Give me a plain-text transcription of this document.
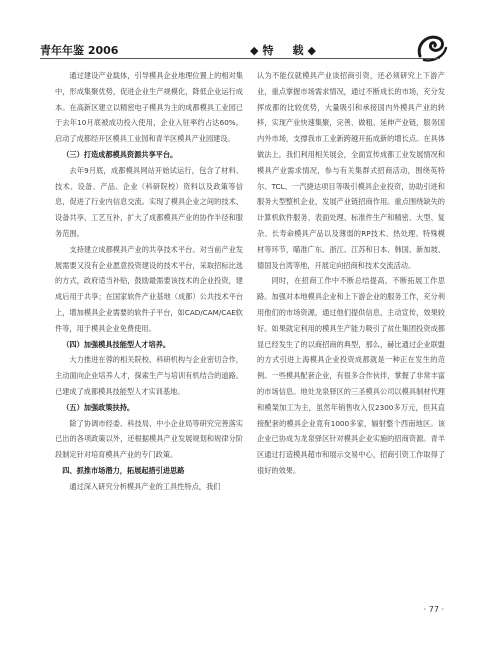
青年年鉴 2006	◆特　载◆

通过建设产业载体，引导模具企业地理位置上的相对集中，形成集聚优势，促进企业生产规模化，降低企业运行成本。在高新区建立以精密电子模具为主的成都模具工业园已于去年10月底被成功投入使用，企业入驻率约占达60%。启动了成都经开区模具工业园和青羊区模具产业园建设。

（三）打造成都模具资源共享平台。

去年9月底，成都模具网站开始试运行，包含了材料、技术、设备、产品、企业（科研院校）资料以及政策等信息，促进了行业内信息交流。实现了模具企业之间的技术、设备共享、工艺互补，扩大了成都模具产业的协作半径和服务范围。

支持建立成都模具产业的共享技术平台。对当前产业发展需要又没有企业愿意投资建设的技术平台，采取招标比选的方式，政府适当补贴，鼓励最需要该技术的企业投资，建成后用于共享；在国家软件产业基地（成都）公共技术平台上，增加模具企业需要的软件子平台，如CAD/CAM/CAE软件等，用于模具企业免费使用。

（四）加强模具技能型人才培养。

大力推进在蓉的相关院校、科研机构与企业密切合作，主动面向企业培养人才，探索生产与培训有机结合的道路。已建成了成都模具技能型人才实训基地。

（五）加强政策扶持。

除了协调市经委、科技局、中小企业局等研究完善落实已出的各项政策以外，还根据模具产业发展规划和规律分阶段制定针对培育模具产业的专门政策。

四、抓推市场潜力，拓展起措引进思路

通过深入研究分析模具产业的工具性特点，我们

认为不能仅就模具产业谈招商引资，还必须研究上下游产业，重点掌握市场需求情况，通过不断成长的市场，充分发挥成都的比较优势，大量吸引和承接国内外模具产业的转移，实现产业快速集聚，完善、做粗、延伸产业链，服务国内外市场，支撑我市工业新跨越开拓成新的增长点。在具体做法上，我们利用相关展会，全面宣传成都工业发展情况和模具产业需求情况，参与有关集群式招商活动，围绕英特尔、TCL、一汽捷达项目等吸引模具企业投资，协助引进和服务大型整机企业，发展产业链招商作用。重点围绕缺失的计算机软件服务、表面处理、标准件生产和精密、大型、复杂、长寿命模具产品以及薄弱的RP技术、热处理、特殊模材等环节，瞄准广东、浙江、江苏和日本、韩国、新加坡、德国及台湾等地，开展定向招商和技术交流活动。

同时，在招商工作中不断总结提高，不断拓展工作思路。加强对本地模具企业和上下游企业的服务工作，充分利用他们的市场资源，通过他们提供信息，主动宣传，效果较好。如果就定利用的模具生产能力吸引了贫仕集团投资成都显已经发生了的以商招商的典型，那么，赫比通过企业联盟的方式引进上海模具企业投资成都就是一种正在发生的范例。一些模具配套企业，有很多合作伙伴，掌握了非常丰富的市场信息。地处龙泉驿区的三圣模具公司以模具制材代理和模架加工为主，虽然年销售收入仅2300多万元，但其直接配套的模具企业竟有1000多家，辐射整个西南地区。该企业已协成为龙泉驿区针对模具企业实施的招商资源。青羊区通过打造模具超市和展示交易中心，招商引资工作取得了很好的效果。

· 77 ·
